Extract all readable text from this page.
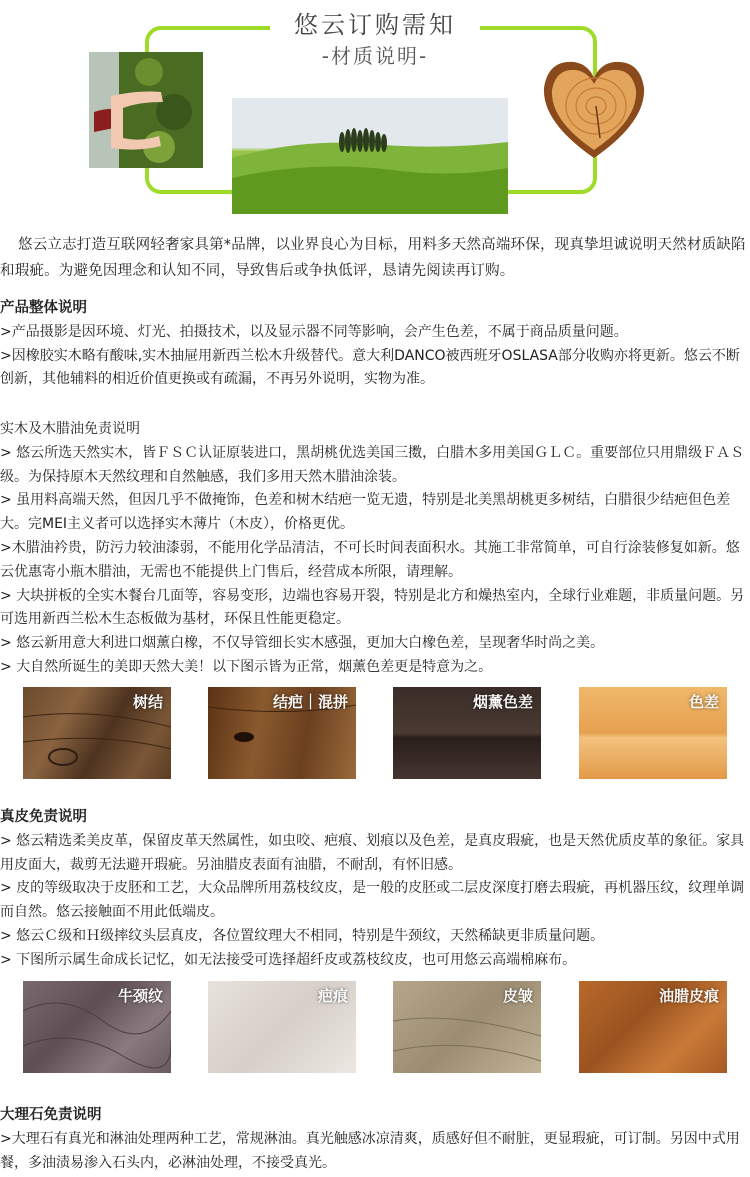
悠云订购需知
-材质说明-
悠云立志打造互联网轻奢家具第*品牌，以业界良心为目标，用料多天然高端环保，现真挚坦诚说明天然材质缺陷和瑕疵。为避免因理念和认知不同，导致售后或争执低评，恳请先阅读再订购。

产品整体说明

>产品摄影是因环境、灯光、拍摄技术，以及显示器不同等影响，会产生色差，不属于商品质量问题。

>因橡胶实木略有酸味,实木抽屉用新西兰松木升级替代。意大利DANCO被西班牙OSLASA部分收购亦将更新。悠云不断创新，其他辅料的相近价值更换或有疏漏，不再另外说明，实物为准。

实木及木腊油免责说明

> 悠云所选天然实木，皆ＦＳＣ认证原装进口，黑胡桃优选美国三擞，白腊木多用美国ＧＬＣ。重要部位只用鼎级ＦＡＳ级。为保持原木天然纹理和自然触感，我们多用天然木腊油涂装。

> 虽用料高端天然，但因几乎不做掩饰，色差和树木结疤一览无遗，特别是北美黑胡桃更多树结，白腊很少结疤但色差大。完MEI主义者可以选择实木薄片（木皮），价格更优。

>木腊油衿贵，防污力较油漆弱，不能用化学品清洁，不可长时间表面积水。其施工非常简单，可自行涂装修复如新。悠云优惠寄小瓶木腊油，无需也不能提供上门售后，经营成本所限，请理解。

> 大块拼板的全实木餐台几面等，容易变形，边端也容易开裂，特别是北方和燥热室内，全球行业难题，非质量问题。另可选用新西兰松木生态板做为基材，环保且性能更稳定。

> 悠云新用意大利进口烟薰白橡，不仅导管细长实木感强，更加大白橡色差，呈现奢华时尚之美。

> 大自然所诞生的美即天然大美！以下图示皆为正常，烟薰色差更是特意为之。

树结	结疤｜混拼	烟薰色差	色差

真皮免责说明

> 悠云精选柔美皮革，保留皮革天然属性，如虫咬、疤痕、划痕以及色差，是真皮瑕疵，也是天然优质皮革的象征。家具用皮面大，裁剪无法避开瑕疵。另油腊皮表面有油腊，不耐刮，有怀旧感。

> 皮的等级取决于皮胚和工艺，大众品牌所用荔枝纹皮，是一般的皮胚或二层皮深度打磨去瑕疵，再机器压纹，纹理单调而自然。悠云接触面不用此低端皮。

> 悠云Ｃ级和Ｈ级摔纹头层真皮，各位置纹理大不相同，特别是牛颈纹，天然稀缺更非质量问题。

> 下图所示属生命成长记忆，如无法接受可选择超纤皮或荔枝纹皮，也可用悠云高端棉麻布。

牛颈纹	疤痕	皮皱	油腊皮痕

大理石免责说明

>大理石有真光和淋油处理两种工艺，常规淋油。真光触感冰凉清爽，质感好但不耐脏，更显瑕疵，可订制。另因中式用餐，多油渍易渗入石头内，必淋油处理，不接受真光。
